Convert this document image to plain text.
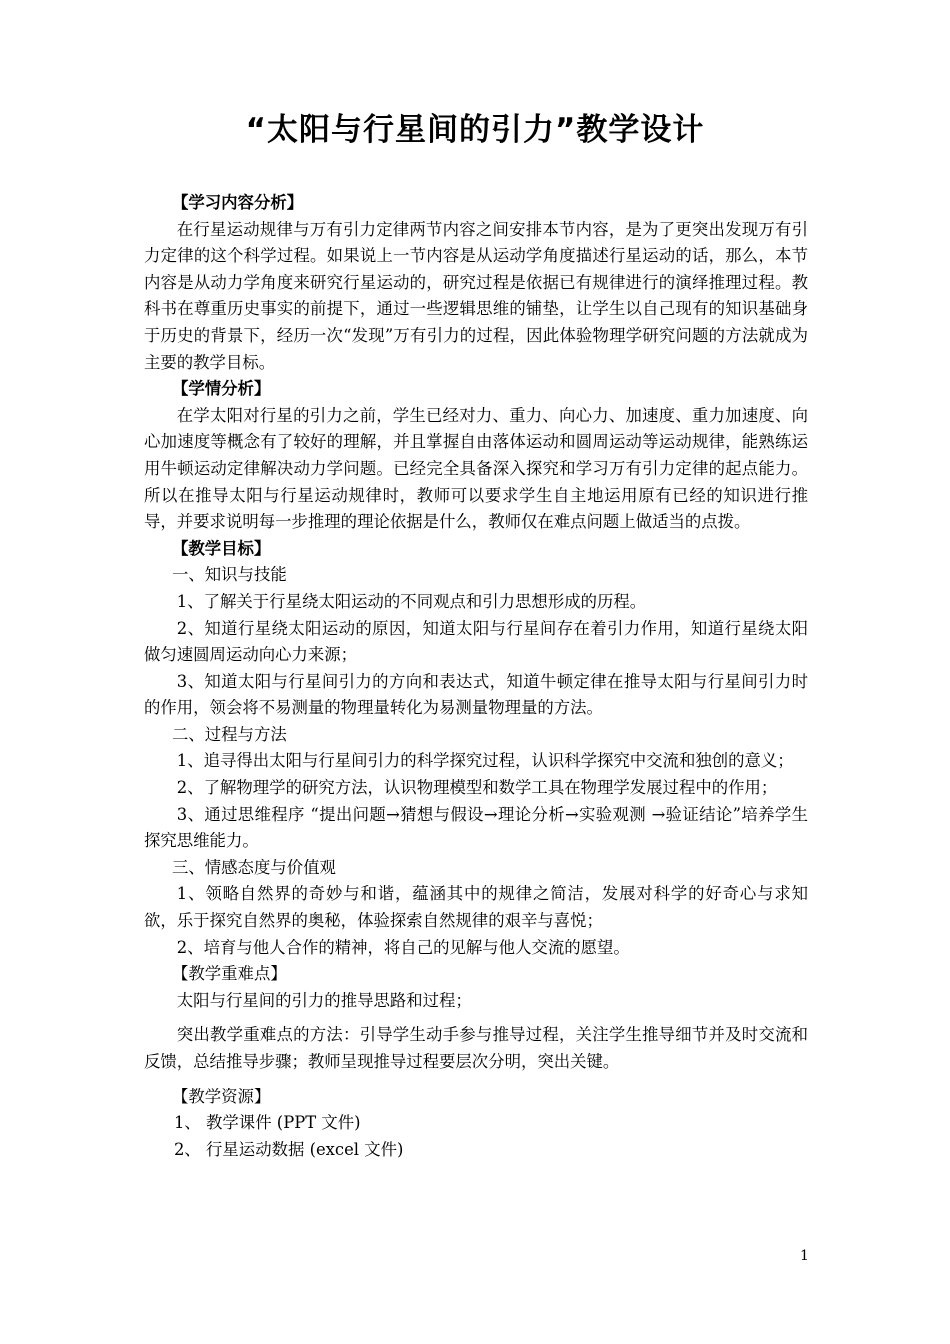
“太阳与行星间的引力”教学设计

【学习内容分析】

在行星运动规律与万有引力定律两节内容之间安排本节内容，是为了更突出发现万有引力定律的这个科学过程。如果说上一节内容是从运动学角度描述行星运动的话，那么，本节内容是从动力学角度来研究行星运动的，研究过程是依据已有规律进行的演绎推理过程。教科书在尊重历史事实的前提下，通过一些逻辑思维的铺垫，让学生以自己现有的知识基础身于历史的背景下，经历一次“发现”万有引力的过程，因此体验物理学研究问题的方法就成为主要的教学目标。

【学情分析】

在学太阳对行星的引力之前，学生已经对力、重力、向心力、加速度、重力加速度、向心加速度等概念有了较好的理解，并且掌握自由落体运动和圆周运动等运动规律，能熟练运用牛顿运动定律解决动力学问题。已经完全具备深入探究和学习万有引力定律的起点能力。所以在推导太阳与行星运动规律时，教师可以要求学生自主地运用原有已经的知识进行推导，并要求说明每一步推理的理论依据是什么，教师仅在难点问题上做适当的点拨。

【教学目标】

一、知识与技能

1、了解关于行星绕太阳运动的不同观点和引力思想形成的历程。

2、知道行星绕太阳运动的原因，知道太阳与行星间存在着引力作用，知道行星绕太阳做匀速圆周运动向心力来源；

3、知道太阳与行星间引力的方向和表达式，知道牛顿定律在推导太阳与行星间引力时的作用，领会将不易测量的物理量转化为易测量物理量的方法。

二、过程与方法

1、追寻得出太阳与行星间引力的科学探究过程，认识科学探究中交流和独创的意义；

2、了解物理学的研究方法，认识物理模型和数学工具在物理学发展过程中的作用；

3、通过思维程序 “提出问题→猜想与假设→理论分析→实验观测 →验证结论”培养学生探究思维能力。

三、情感态度与价值观

1、领略自然界的奇妙与和谐，蕴涵其中的规律之简洁，发展对科学的好奇心与求知欲，乐于探究自然界的奥秘，体验探索自然规律的艰辛与喜悦；

2、培育与他人合作的精神，将自己的见解与他人交流的愿望。

【教学重难点】

太阳与行星间的引力的推导思路和过程；

突出教学重难点的方法：引导学生动手参与推导过程，关注学生推导细节并及时交流和反馈，总结推导步骤；教师呈现推导过程要层次分明，突出关键。

【教学资源】

1、 教学课件 (PPT 文件)

2、 行星运动数据 (excel 文件)

1
